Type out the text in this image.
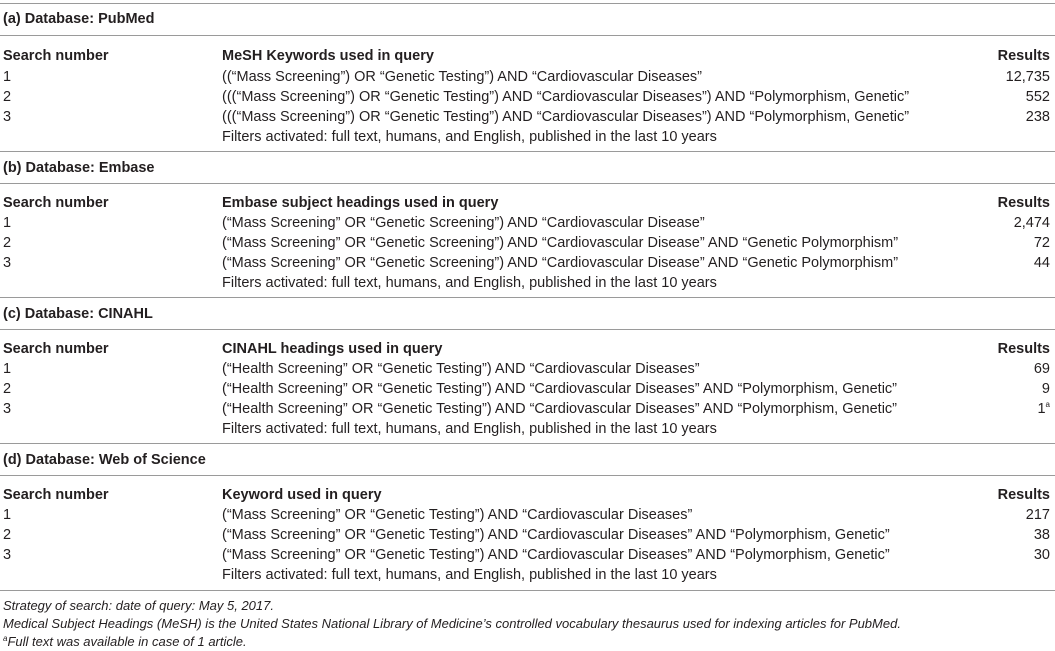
(a) Database: PubMed
Search number	MeSH Keywords used in query	Results
1	((“Mass Screening”) OR “Genetic Testing”) AND “Cardiovascular Diseases”	12,735
2	(((“Mass Screening”) OR “Genetic Testing”) AND “Cardiovascular Diseases”) AND “Polymorphism, Genetic”	552
3	(((“Mass Screening”) OR “Genetic Testing”) AND “Cardiovascular Diseases”) AND “Polymorphism, Genetic”	238
Filters activated: full text, humans, and English, published in the last 10 years
(b) Database: Embase
Search number	Embase subject headings used in query	Results
1	(“Mass Screening” OR “Genetic Screening”) AND “Cardiovascular Disease”	2,474
2	(“Mass Screening” OR “Genetic Screening”) AND “Cardiovascular Disease” AND “Genetic Polymorphism”	72
3	(“Mass Screening” OR “Genetic Screening”) AND “Cardiovascular Disease” AND “Genetic Polymorphism”	44
Filters activated: full text, humans, and English, published in the last 10 years
(c) Database: CINAHL
Search number	CINAHL headings used in query	Results
1	(“Health Screening” OR “Genetic Testing”) AND “Cardiovascular Diseases”	69
2	(“Health Screening” OR “Genetic Testing”) AND “Cardiovascular Diseases” AND “Polymorphism, Genetic”	9
3	(“Health Screening” OR “Genetic Testing”) AND “Cardiovascular Diseases” AND “Polymorphism, Genetic”	1$^a$
Filters activated: full text, humans, and English, published in the last 10 years
(d) Database: Web of Science
Search number	Keyword used in query	Results
1	(“Mass Screening” OR “Genetic Testing”) AND “Cardiovascular Diseases”	217
2	(“Mass Screening” OR “Genetic Testing”) AND “Cardiovascular Diseases” AND “Polymorphism, Genetic”	38
3	(“Mass Screening” OR “Genetic Testing”) AND “Cardiovascular Diseases” AND “Polymorphism, Genetic”	30
Filters activated: full text, humans, and English, published in the last 10 years
Strategy of search: date of query: May 5, 2017.
Medical Subject Headings (MeSH) is the United States National Library of Medicine’s controlled vocabulary thesaurus used for indexing articles for PubMed.
$^a$Full text was available in case of 1 article.
